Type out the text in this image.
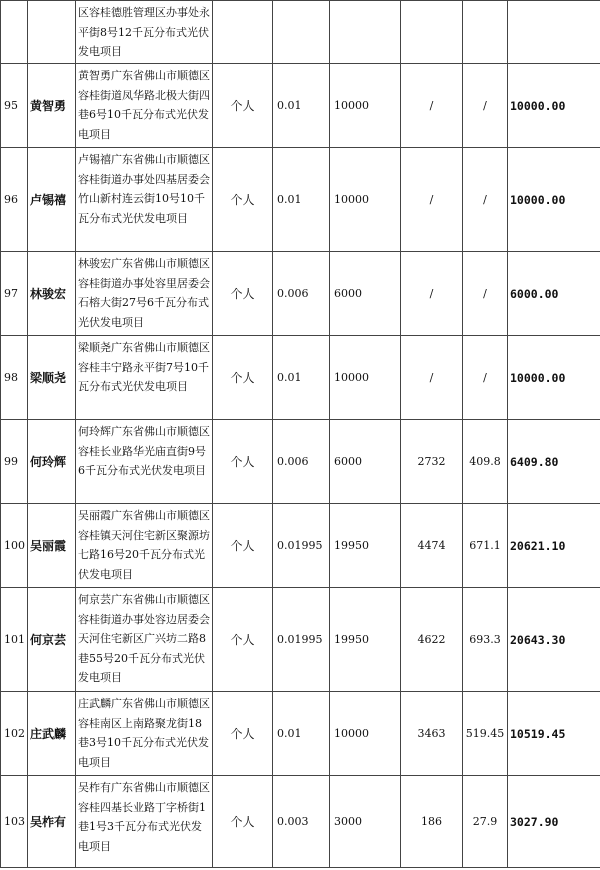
		区容桂德胜管理区办事处永平街8号12千瓦分布式光伏发电项目						
95	黄智勇	黄智勇广东省佛山市顺德区容桂街道凤华路北极大街四巷6号10千瓦分布式光伏发电项目	个人	0.01	10000	/	/	10000.00
96	卢锡禧	卢锡禧广东省佛山市顺德区容桂街道办事处四基居委会竹山新村连云街10号10千瓦分布式光伏发电项目	个人	0.01	10000	/	/	10000.00
97	林骏宏	林骏宏广东省佛山市顺德区容桂街道办事处容里居委会石榕大街27号6千瓦分布式光伏发电项目	个人	0.006	6000	/	/	6000.00
98	梁顺尧	梁顺尧广东省佛山市顺德区容桂丰宁路永平街7号10千瓦分布式光伏发电项目	个人	0.01	10000	/	/	10000.00
99	何玲辉	何玲辉广东省佛山市顺德区容桂长业路华光庙直街9号6千瓦分布式光伏发电项目	个人	0.006	6000	2732	409.8	6409.80
100	吴丽霞	吴丽霞广东省佛山市顺德区容桂镇天河住宅新区聚源坊七路16号20千瓦分布式光伏发电项目	个人	0.01995	19950	4474	671.1	20621.10
101	何京芸	何京芸广东省佛山市顺德区容桂街道办事处容边居委会天河住宅新区广兴坊二路8巷55号20千瓦分布式光伏发电项目	个人	0.01995	19950	4622	693.3	20643.30
102	庄武麟	庄武麟广东省佛山市顺德区容桂南区上南路聚龙街18巷3号10千瓦分布式光伏发电项目	个人	0.01	10000	3463	519.45	10519.45
103	吴柞有	吴柞有广东省佛山市顺德区容桂四基长业路丁字桥街1巷1号3千瓦分布式光伏发电项目	个人	0.003	3000	186	27.9	3027.90
